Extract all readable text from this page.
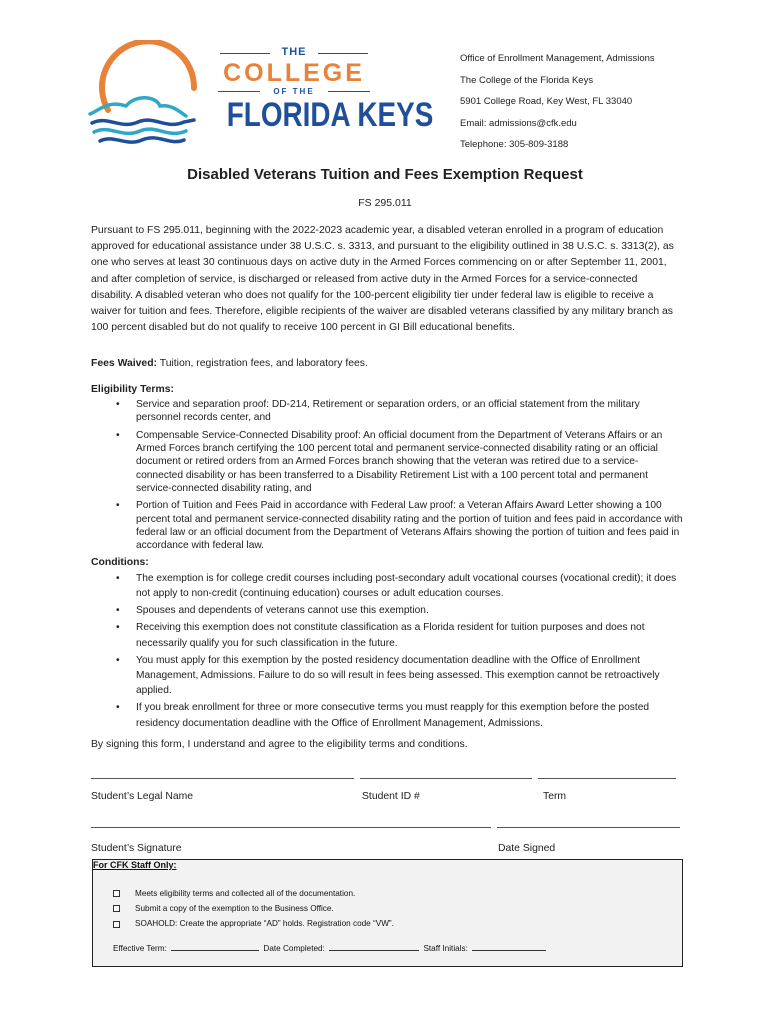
THE
COLLEGE
OF THE
FLORIDA KEYS
Office of Enrollment Management, Admissions
The College of the Florida Keys
5901 College Road, Key West, FL 33040
Email: admissions@cfk.edu
Telephone: 305-809-3188
Disabled Veterans Tuition and Fees Exemption Request
FS 295.011
Pursuant to FS 295.011, beginning with the 2022-2023 academic year, a disabled veteran enrolled in a program of education approved for educational assistance under 38 U.S.C. s. 3313, and pursuant to the eligibility outlined in 38 U.S.C. s. 3313(2), as one who serves at least 30 continuous days on active duty in the Armed Forces commencing on or after September 11, 2001, and after completion of service, is discharged or released from active duty in the Armed Forces for a service-connected disability. A disabled veteran who does not qualify for the 100-percent eligibility tier under federal law is eligible to receive a waiver for tuition and fees. Therefore, eligible recipients of the waiver are disabled veterans classified by any military branch as 100 percent disabled but do not qualify to receive 100 percent in GI Bill educational benefits.
Fees Waived: Tuition, registration fees, and laboratory fees.
Eligibility Terms:
• Service and separation proof: DD-214, Retirement or separation orders, or an official statement from the military personnel records center, and
• Compensable Service-Connected Disability proof: An official document from the Department of Veterans Affairs or an Armed Forces branch certifying the 100 percent total and permanent service-connected disability rating or an official document or retired orders from an Armed Forces branch showing that the veteran was retired due to a service-connected disability or has been transferred to a Disability Retirement List with a 100 percent total and permanent service-connected disability rating, and
• Portion of Tuition and Fees Paid in accordance with Federal Law proof: a Veteran Affairs Award Letter showing a 100 percent total and permanent service-connected disability rating and the portion of tuition and fees paid in accordance with federal law or an official document from the Department of Veterans Affairs showing the portion of tuition and fees paid in accordance with federal law.
Conditions:
• The exemption is for college credit courses including post-secondary adult vocational courses (vocational credit); it does not apply to non-credit (continuing education) courses or adult education courses.
• Spouses and dependents of veterans cannot use this exemption.
• Receiving this exemption does not constitute classification as a Florida resident for tuition purposes and does not necessarily qualify you for such classification in the future.
• You must apply for this exemption by the posted residency documentation deadline with the Office of Enrollment Management, Admissions. Failure to do so will result in fees being assessed. This exemption cannot be retroactively applied.
• If you break enrollment for three or more consecutive terms you must reapply for this exemption before the posted residency documentation deadline with the Office of Enrollment Management, Admissions.
By signing this form, I understand and agree to the eligibility terms and conditions.
Student’s Legal Name	Student ID #	Term
Student’s Signature	Date Signed
For CFK Staff Only:
Meets eligibility terms and collected all of the documentation.
Submit a copy of the exemption to the Business Office.
SOAHOLD: Create the appropriate “AD” holds. Registration code “VW”.
Effective Term:	Date Completed:	Staff Initials:
